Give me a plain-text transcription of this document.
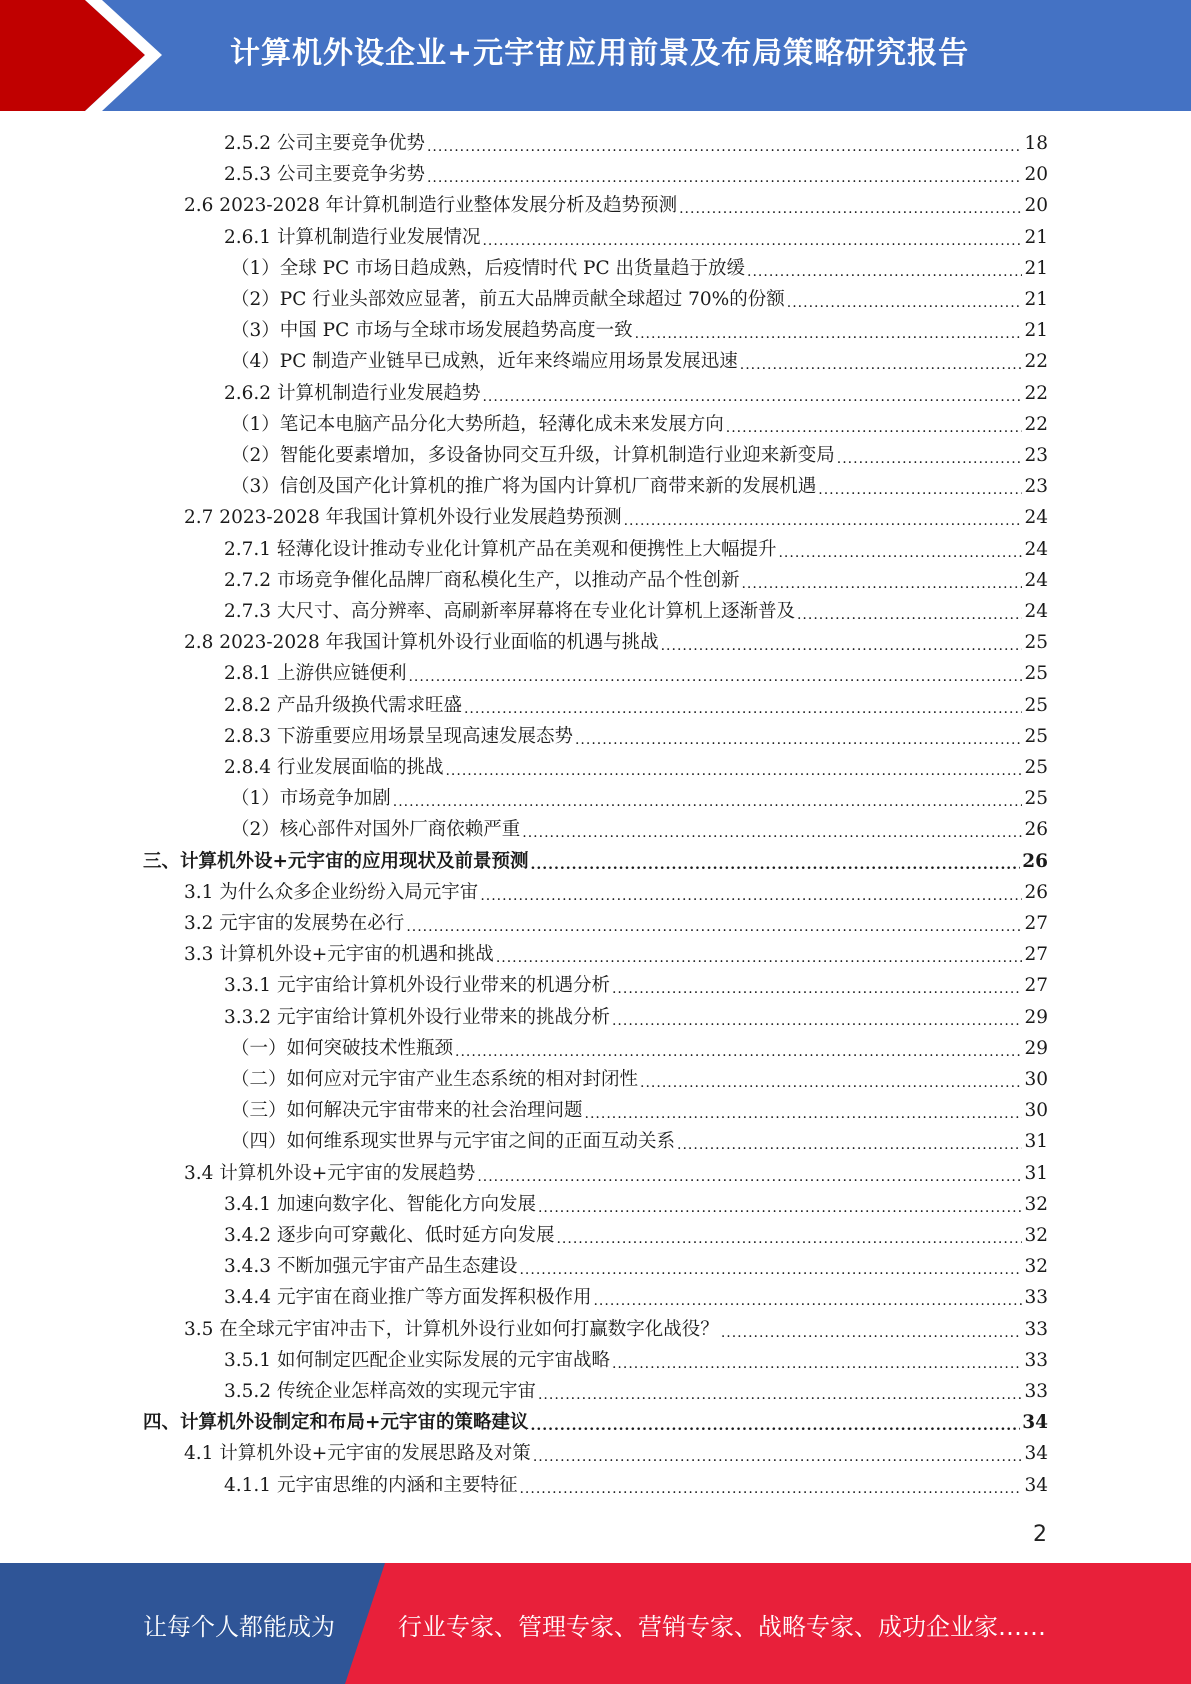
计算机外设企业+元宇宙应用前景及布局策略研究报告
2.5.2 公司主要竞争优势 .....	18
2.5.3 公司主要竞争劣势 .....	20
2.6 2023-2028 年计算机制造行业整体发展分析及趋势预测 .....	20
2.6.1 计算机制造行业发展情况 .....	21
（1）全球 PC 市场日趋成熟，后疫情时代 PC 出货量趋于放缓 .....	21
（2）PC 行业头部效应显著，前五大品牌贡献全球超过 70%的份额 .....	21
（3）中国 PC 市场与全球市场发展趋势高度一致 .....	21
（4）PC 制造产业链早已成熟，近年来终端应用场景发展迅速 .....	22
2.6.2 计算机制造行业发展趋势 .....	22
（1）笔记本电脑产品分化大势所趋，轻薄化成未来发展方向 .....	22
（2）智能化要素增加，多设备协同交互升级，计算机制造行业迎来新变局 .....	23
（3）信创及国产化计算机的推广将为国内计算机厂商带来新的发展机遇 .....	23
2.7 2023-2028 年我国计算机外设行业发展趋势预测 .....	24
2.7.1 轻薄化设计推动专业化计算机产品在美观和便携性上大幅提升 .....	24
2.7.2 市场竞争催化品牌厂商私模化生产，以推动产品个性创新 .....	24
2.7.3 大尺寸、高分辨率、高刷新率屏幕将在专业化计算机上逐渐普及 .....	24
2.8 2023-2028 年我国计算机外设行业面临的机遇与挑战 .....	25
2.8.1 上游供应链便利 .....	25
2.8.2 产品升级换代需求旺盛 .....	25
2.8.3 下游重要应用场景呈现高速发展态势 .....	25
2.8.4 行业发展面临的挑战 .....	25
（1）市场竞争加剧 .....	25
（2）核心部件对国外厂商依赖严重 .....	26
三、计算机外设+元宇宙的应用现状及前景预测 .....	26
3.1 为什么众多企业纷纷入局元宇宙 .....	26
3.2 元宇宙的发展势在必行 .....	27
3.3 计算机外设+元宇宙的机遇和挑战 .....	27
3.3.1 元宇宙给计算机外设行业带来的机遇分析 .....	27
3.3.2 元宇宙给计算机外设行业带来的挑战分析 .....	29
（一）如何突破技术性瓶颈 .....	29
（二）如何应对元宇宙产业生态系统的相对封闭性 .....	30
（三）如何解决元宇宙带来的社会治理问题 .....	30
（四）如何维系现实世界与元宇宙之间的正面互动关系 .....	31
3.4 计算机外设+元宇宙的发展趋势 .....	31
3.4.1 加速向数字化、智能化方向发展 .....	32
3.4.2 逐步向可穿戴化、低时延方向发展 .....	32
3.4.3 不断加强元宇宙产品生态建设 .....	32
3.4.4 元宇宙在商业推广等方面发挥积极作用 .....	33
3.5 在全球元宇宙冲击下，计算机外设行业如何打赢数字化战役？ .....	33
3.5.1 如何制定匹配企业实际发展的元宇宙战略 .....	33
3.5.2 传统企业怎样高效的实现元宇宙 .....	33
四、计算机外设制定和布局+元宇宙的策略建议 .....	34
4.1 计算机外设+元宇宙的发展思路及对策 .....	34
4.1.1 元宇宙思维的内涵和主要特征 .....	34
2
让每个人都能成为	行业专家、管理专家、营销专家、战略专家、成功企业家……
